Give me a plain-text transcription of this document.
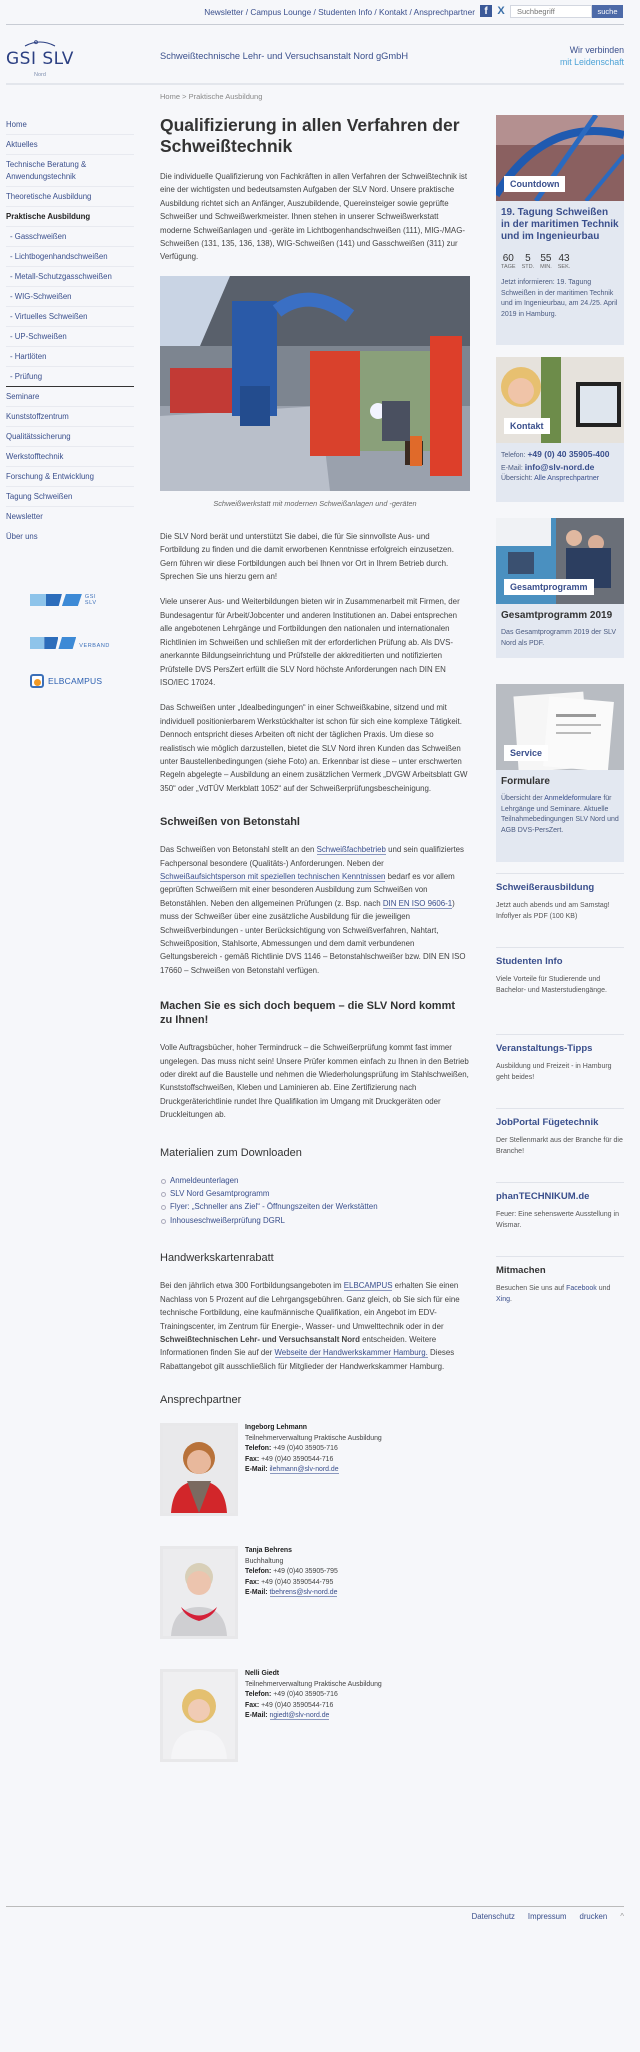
Newsletter / Campus Lounge / Studenten Info / Kontakt / Ansprechpartner f X
Suchbegriff	suche
GSI SLV
Nord
Schweißtechnische Lehr- und Versuchsanstalt Nord gGmbH
Wir verbinden
mit Leidenschaft
Home > Praktische Ausbildung
Home
Aktuelles
Technische Beratung & Anwendungstechnik
Theoretische Ausbildung
Praktische Ausbildung
- Gasschweißen
- Lichtbogenhandschweißen
- Metall-Schutzgasschweißen
- WIG-Schweißen
- Virtuelles Schweißen
- UP-Schweißen
- Hartlöten
- Prüfung
Seminare
Kunststoffzentrum
Qualitätssicherung
Werkstofftechnik
Forschung & Entwicklung
Tagung Schweißen
Newsletter
Über uns
GSI SLV
VERBAND
ELBCAMPUS
Qualifizierung in allen Verfahren der Schweißtechnik

Die individuelle Qualifizierung von Fachkräften in allen Verfahren der Schweißtechnik ist eine der wichtigsten und bedeutsamsten Aufgaben der SLV Nord. Unsere praktische Ausbildung richtet sich an Anfänger, Auszubildende, Quereinsteiger sowie geprüfte Schweißer und Schweißwerkmeister. Ihnen stehen in unserer Schweißwerkstatt moderne Schweißanlagen und -geräte im Lichtbogenhandschweißen (111), MIG-/MAG-Schweißen (131, 135, 136, 138), WIG-Schweißen (141) und Gasschweißen (311) zur Verfügung.

Schweißwerkstatt mit modernen Schweißanlagen und -geräten

Die SLV Nord berät und unterstützt Sie dabei, die für Sie sinnvollste Aus- und Fortbildung zu finden und die damit erworbenen Kenntnisse erfolgreich einzusetzen. Gern führen wir diese Fortbildungen auch bei Ihnen vor Ort in Ihrem Betrieb durch. Sprechen Sie uns hierzu gern an!

Viele unserer Aus- und Weiterbildungen bieten wir in Zusammenarbeit mit Firmen, der Bundesagentur für Arbeit/Jobcenter und anderen Institutionen an. Dabei entsprechen alle angebotenen Lehrgänge und Fortbildungen den nationalen und internationalen Richtlinien im Schweißen und schließen mit der erforderlichen Prüfung ab. Als DVS-anerkannte Bildungseinrichtung und Prüfstelle der akkreditierten und notifizierten Prüfstelle DVS PersZert erfüllt die SLV Nord höchste Anforderungen nach DIN EN ISO/IEC 17024.

Das Schweißen unter „Idealbedingungen“ in einer Schweißkabine, sitzend und mit individuell positionierbarem Werkstückhalter ist schon für sich eine komplexe Tätigkeit. Dennoch entspricht dieses Arbeiten oft nicht der täglichen Praxis. Um diese so realistisch wie möglich darzustellen, bietet die SLV Nord ihren Kunden das Schweißen unter Baustellenbedingungen (siehe Foto) an. Erkennbar ist diese – unter erschwerten Regeln abgelegte – Ausbildung an einem zusätzlichen Vermerk „DVGW Arbeitsblatt GW 350“ oder „VdTÜV Merkblatt 1052“ auf der Schweißerprüfungsbescheinigung.

Schweißen von Betonstahl

Das Schweißen von Betonstahl stellt an den Schweißfachbetrieb und sein qualifiziertes Fachpersonal besondere (Qualitäts-) Anforderungen. Neben der Schweißaufsichtsperson mit speziellen technischen Kenntnissen bedarf es vor allem geprüften Schweißern mit einer besonderen Ausbildung zum Schweißen von Betonstählen. Neben den allgemeinen Prüfungen (z. Bsp. nach DIN EN ISO 9606-1) muss der Schweißer über eine zusätzliche Ausbildung für die jeweiligen Schweißverbindungen - unter Berücksichtigung von Schweißverfahren, Nahtart, Schweißposition, Stahlsorte, Abmessungen und dem damit verbundenen Geltungsbereich - gemäß Richtlinie DVS 1146 – Betonstahlschweißer bzw. DIN EN ISO 17660 – Schweißen von Betonstahl verfügen.

Machen Sie es sich doch bequem – die SLV Nord kommt zu Ihnen!

Volle Auftragsbücher, hoher Termindruck – die Schweißerprüfung kommt fast immer ungelegen. Das muss nicht sein! Unsere Prüfer kommen einfach zu Ihnen in den Betrieb oder direkt auf die Baustelle und nehmen die Wiederholungsprüfung im Stahlschweißen, Kunststoffschweißen, Kleben und Laminieren ab. Eine Zertifizierung nach Druckgeräterichtlinie rundet Ihre Qualifikation im Umgang mit Druckgeräten oder Druckleitungen ab.

Materialien zum Downloaden
Anmeldeunterlagen
SLV Nord Gesamtprogramm
Flyer: „Schneller ans Ziel“ - Öffnungszeiten der Werkstätten
Inhouseschweißerprüfung DGRL
Handwerkskartenrabatt

Bei den jährlich etwa 300 Fortbildungsangeboten im ELBCAMPUS erhalten Sie einen Nachlass von 5 Prozent auf die Lehrgangsgebühren. Ganz gleich, ob Sie sich für eine technische Fortbildung, eine kaufmännische Qualifikation, ein Angebot im EDV-Trainingscenter, im Zentrum für Energie-, Wasser- und Umwelttechnik oder in der Schweißtechnischen Lehr- und Versuchsanstalt Nord entscheiden. Weitere Informationen finden Sie auf der Webseite der Handwerkskammer Hamburg. Dieses Rabattangebot gilt ausschließlich für Mitglieder der Handwerkskammer Hamburg.

Ansprechpartner
Ingeborg Lehmann
Teilnehmerverwaltung Praktische Ausbildung
Telefon: +49 (0)40 35905-716
Fax: +49 (0)40 3590544-716
E-Mail: ilehmann@slv-nord.de
Tanja Behrens
Buchhaltung
Telefon: +49 (0)40 35905-795
Fax: +49 (0)40 3590544-795
E-Mail: tbehrens@slv-nord.de
Nelli Giedt
Teilnehmerverwaltung Praktische Ausbildung
Telefon: +49 (0)40 35905-716
Fax: +49 (0)40 3590544-716
E-Mail: ngiedt@slv-nord.de
Countdown
19. Tagung Schweißen in der maritimen Technik und im Ingenieurbau
60
TAGE
5
STD.
55
MIN.
43
SEK.

Jetzt informieren: 19. Tagung Schweißen in der maritimen Technik und im Ingenieurbau, am 24./25. April 2019 in Hamburg.

Kontakt

Telefon: +49 (0) 40 35905-400

E-Mail: info@slv-nord.de

Übersicht: Alle Ansprechpartner

Gesamtprogramm
Gesamtprogramm 2019

Das Gesamtprogramm 2019 der SLV Nord als PDF.

Service
Formulare

Übersicht der Anmeldeformulare für Lehrgänge und Seminare. Aktuelle Teilnahmebedingungen SLV Nord und AGB DVS-PersZert.

Schweißerausbildung

Jetzt auch abends und am Samstag! Infoflyer als PDF (100 KB)

Studenten Info

Viele Vorteile für Studierende und Bachelor- und Masterstudiengänge.

Veranstaltungs-Tipps

Ausbildung und Freizeit - in Hamburg geht beides!

JobPortal Fügetechnik

Der Stellenmarkt aus der Branche für die Branche!

phanTECHNIKUM.de

Feuer: Eine sehenswerte Ausstellung in Wismar.

Mitmachen

Besuchen Sie uns auf Facebook und Xing.

Datenschutz Impressum drucken ^
